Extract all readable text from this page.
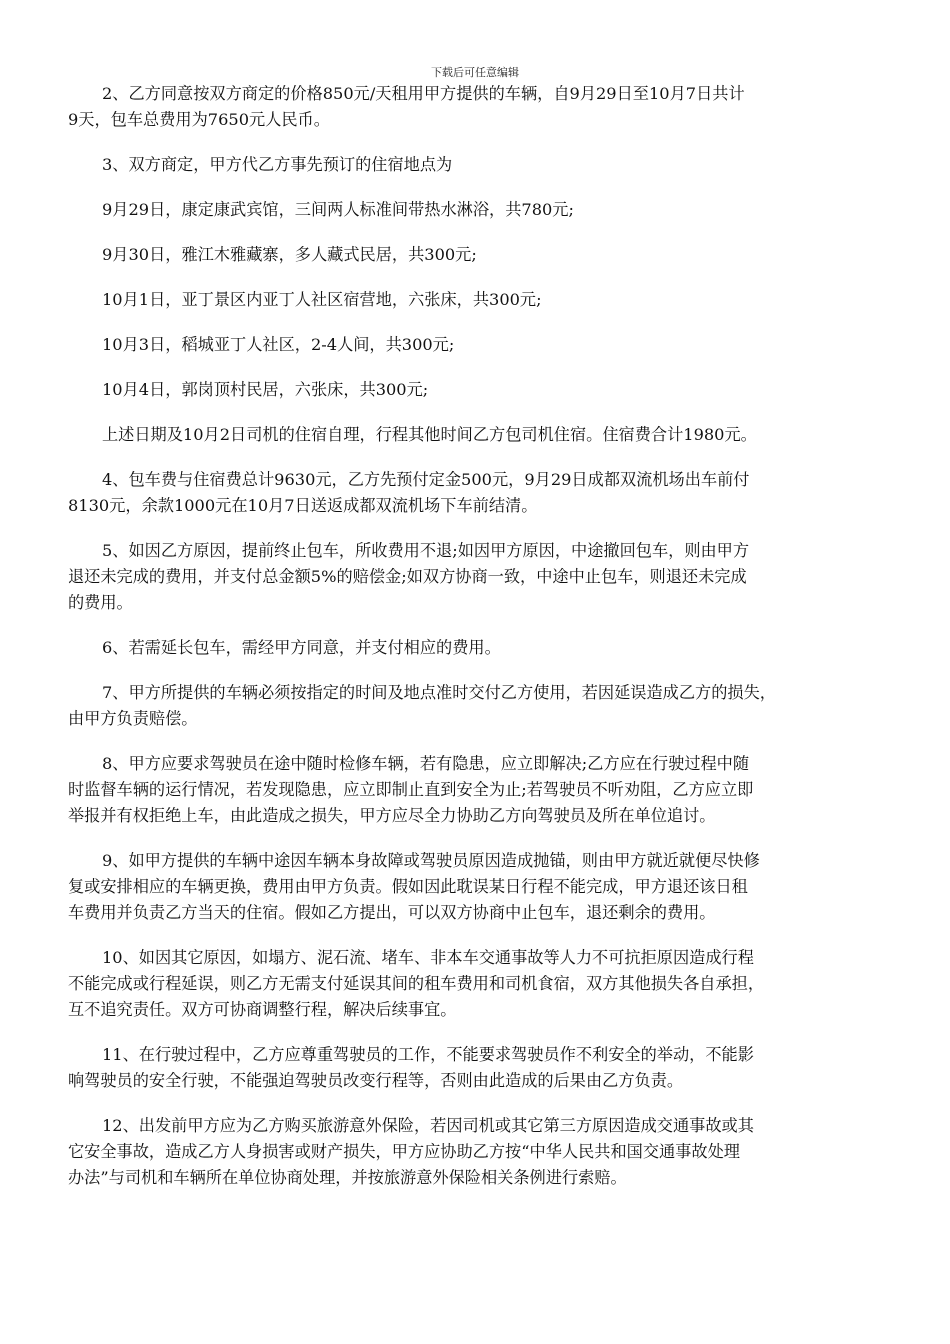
下载后可任意编辑
2、乙方同意按双方商定的价格850元/天租用甲方提供的车辆，自9月29日至10月7日共计
9天，包车总费用为7650元人民币。
3、双方商定，甲方代乙方事先预订的住宿地点为
9月29日，康定康武宾馆，三间两人标准间带热水淋浴，共780元;
9月30日，雅江木雅藏寨，多人藏式民居，共300元;
10月1日，亚丁景区内亚丁人社区宿营地，六张床，共300元;
10月3日，稻城亚丁人社区，2-4人间，共300元;
10月4日，郭岗顶村民居，六张床，共300元;
上述日期及10月2日司机的住宿自理，行程其他时间乙方包司机住宿。住宿费合计1980元。
4、包车费与住宿费总计9630元，乙方先预付定金500元，9月29日成都双流机场出车前付
8130元，余款1000元在10月7日送返成都双流机场下车前结清。
5、如因乙方原因，提前终止包车，所收费用不退;如因甲方原因，中途撤回包车，则由甲方
退还未完成的费用，并支付总金额5%的赔偿金;如双方协商一致，中途中止包车，则退还未完成
的费用。
6、若需延长包车，需经甲方同意，并支付相应的费用。
7、甲方所提供的车辆必须按指定的时间及地点准时交付乙方使用，若因延误造成乙方的损失，
由甲方负责赔偿。
8、甲方应要求驾驶员在途中随时检修车辆，若有隐患，应立即解决;乙方应在行驶过程中随
时监督车辆的运行情况，若发现隐患，应立即制止直到安全为止;若驾驶员不听劝阻，乙方应立即
举报并有权拒绝上车，由此造成之损失，甲方应尽全力协助乙方向驾驶员及所在单位追讨。
9、如甲方提供的车辆中途因车辆本身故障或驾驶员原因造成抛锚，则由甲方就近就便尽快修
复或安排相应的车辆更换，费用由甲方负责。假如因此耽误某日行程不能完成，甲方退还该日租
车费用并负责乙方当天的住宿。假如乙方提出，可以双方协商中止包车，退还剩余的费用。
10、如因其它原因，如塌方、泥石流、堵车、非本车交通事故等人力不可抗拒原因造成行程
不能完成或行程延误，则乙方无需支付延误其间的租车费用和司机食宿，双方其他损失各自承担，
互不追究责任。双方可协商调整行程，解决后续事宜。
11、在行驶过程中，乙方应尊重驾驶员的工作，不能要求驾驶员作不利安全的举动，不能影
响驾驶员的安全行驶，不能强迫驾驶员改变行程等，否则由此造成的后果由乙方负责。
12、出发前甲方应为乙方购买旅游意外保险，若因司机或其它第三方原因造成交通事故或其
它安全事故，造成乙方人身损害或财产损失，甲方应协助乙方按“中华人民共和国交通事故处理
办法”与司机和车辆所在单位协商处理，并按旅游意外保险相关条例进行索赔。
